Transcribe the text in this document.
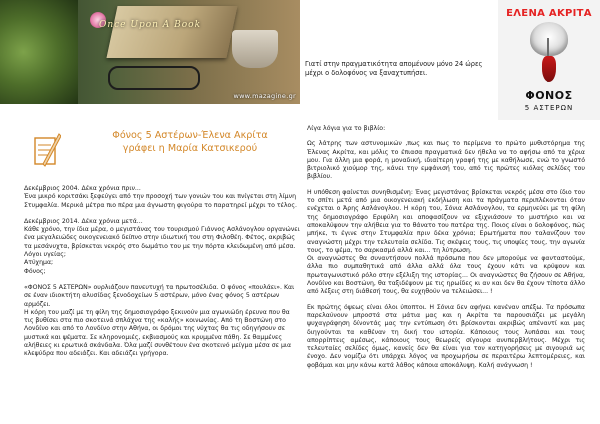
Once Upon A Book
www.mazagine.gr
ΕΛΕΝΑ ΑΚΡΙΤΑ
ΦΟΝΟΣ
5 ΑΣΤΕΡΩΝ
Γιατί στην πραγματικότητα απομένουν μόνο 24 ώρες μέχρι ο δολοφόνος να ξαναχτυπήσει.
Φόνος 5 Αστέρων-Έλενα Ακρίτα
γράφει η Μαρία Κατσικερού

Δεκέμβριος 2004. Δέκα χρόνια πριν...

Ένα μικρό κοριτσάκι ξεφεύγει από την προσοχή των γονιών του και πνίγεται στη λίμνη Στυμφαλία. Μερικά μέτρα πιο πέρα μια άγνωστη φιγούρα το παρατηρεί μέχρι το τέλος.

Δεκέμβριος 2014. Δέκα χρόνια μετά...

Κάθε χρόνο, την ίδια μέρα, ο μεγιστάνας του τουρισμού Γιάννος Ασλάνογλου οργανώνει ένα μεγαλειώδες οικογενειακό δείπνο στην ιδιωτική του στη Φιλοθέη. Φέτος, ακριβώς τα μεσάνυχτα, βρίσκεται νεκρός στο δωμάτιο του με την πόρτα κλειδωμένη από μέσα.

Λόγοι υγείας;

Ατύχημα;

Φόνος;

«ΦΟΝΟΣ 5 ΑΣΤΕΡΩΝ» ουρλιάζουν πανευτυχή τα πρωτοσέλιδα. Ο φόνος «πουλάει». Και σε έναν ιδιοκτήτη αλυσίδας ξενοδοχείων 5 αστέρων, μόνο ένας φόνος 5 αστέρων αρμόζει.

Η κόρη του μαζί με τη φίλη της δημοσιογράφο ξεκινούν μια αγωνιώδη έρευνα που θα τις βυθίσει στα πιο σκοτεινά σπλάχνα της «καλής» κοινωνίας. Από τη Βοστώνη στο Λονδίνο και από το Λονδίνο στην Αθήνα, οι δρόμοι της νύχτας θα τις οδηγήσουν σε μυστικά και ψέματα. Σε κληρονομιές, εκβιασμούς και κρυμμένα πάθη. Σε θαμμένες αλήθειες κι ερωτικά σκάνδαλα. Όλα μαζί συνθέτουν ένα σκοτεινό μείγμα μέσα σε μια κλεψύδρα που αδειάζει. Και αδειάζει γρήγορα.

Λίγα λόγια για το βιβλίο:

Ως λάτρης των αστυνομικών ,πως και πως το περίμενα το πρώτο μυθιστόρημα της Έλενας Ακρίτα, και μόλις το έπιασα πραγματικά δεν ήθελα να το αφήσω από τα χέρια μου. Για άλλη μια φορά, η μοναδική, ιδιαίτερη γραφή της με καθήλωσε, ενώ το γνωστό βιτριολικό χιούμορ της, κάνει την εμφάνισή του, από τις πρώτες κιόλας σελίδες του βιβλίου.

Η υπόθεση φαίνεται συνηθισμένη: Ένας μεγιστάνας βρίσκεται νεκρός μέσα στο ίδιο του το σπίτι μετά από μια οικογενειακή εκδήλωση και τα πράγματα περιπλέκονται όταν ενέχεται ο Άρης Ασλάνογλου. Η κόρη του, Σόνια Ασλάνογλου, τα ερμηνεύει με τη φίλη της δημοσιογράφο Εριφύλη και αποφασίζουν να εξιχνιάσουν το μυστήριο και να αποκαλύψουν την αλήθεια για το θάνατο του πατέρα της. Ποιος είναι ο δολοφόνος, πώς μπήκε, τι έγινε στην Στυμφαλία πριν δέκα χρόνια; Ερωτήματα που ταλανίζουν τον αναγνώστη μέχρι την τελευταία σελίδα. Τις σκέψεις τους, τις υποψίες τους, την αγωνία τους, το ψέμα, το σαρκασμό αλλά και... τη λύτρωση.

Οι αναγνώστες θα συναντήσουν πολλά πρόσωπα που δεν μπορούμε να φανταστούμε, άλλα πιο συμπαθητικά από άλλα αλλά όλα τους έχουν κάτι να κρύψουν και πρωταγωνιστικό ρόλο στην εξέλιξη της ιστορίας... Οι αναγνώστες θα ζήσουν σε Αθήνα, Λονδίνο και Βοστώνη, θα ταξιδέψουν με τις ηρωίδες κι αν και δεν θα έχουν τίποτα άλλο από λέξεις στη διάθεσή τους, θα ευχηθούν να τελειώσει... !

Εκ πρώτης όψεως είναι όλοι ύποπτοι. Η Σόνια δεν αφήνει κανέναν απέξω. Τα πρόσωπα παρελαύνουν μπροστά στα μάτια μας και η Ακρίτα τα παρουσιάζει με μεγάλη ψυχαγράφηση δίνοντάς μας την εντύπωση ότι βρίσκονται ακριβώς απέναντί και μας διηγούνται τα καθέναν τη δική του ιστορία. Κάποιους τους λυπάσαι και τους απορρίπτεις αμέσως, κάποιους τους θεωρείς σίγουρα ανυπερβλήτους. Μέχρι τις τελευταίες σελίδες όμως, κανείς δεν θα είναι για τον κατηγορήσεις με σιγουριά ως ένοχο. Δεν νομίζω ότι υπάρχει λόγος να προχωρήσω σε περαιτέρω λεπτομέρειες, και φοβάμαι και μην κάνω κατά λάθος κάποια αποκάλυψη. Καλή ανάγνωση !
